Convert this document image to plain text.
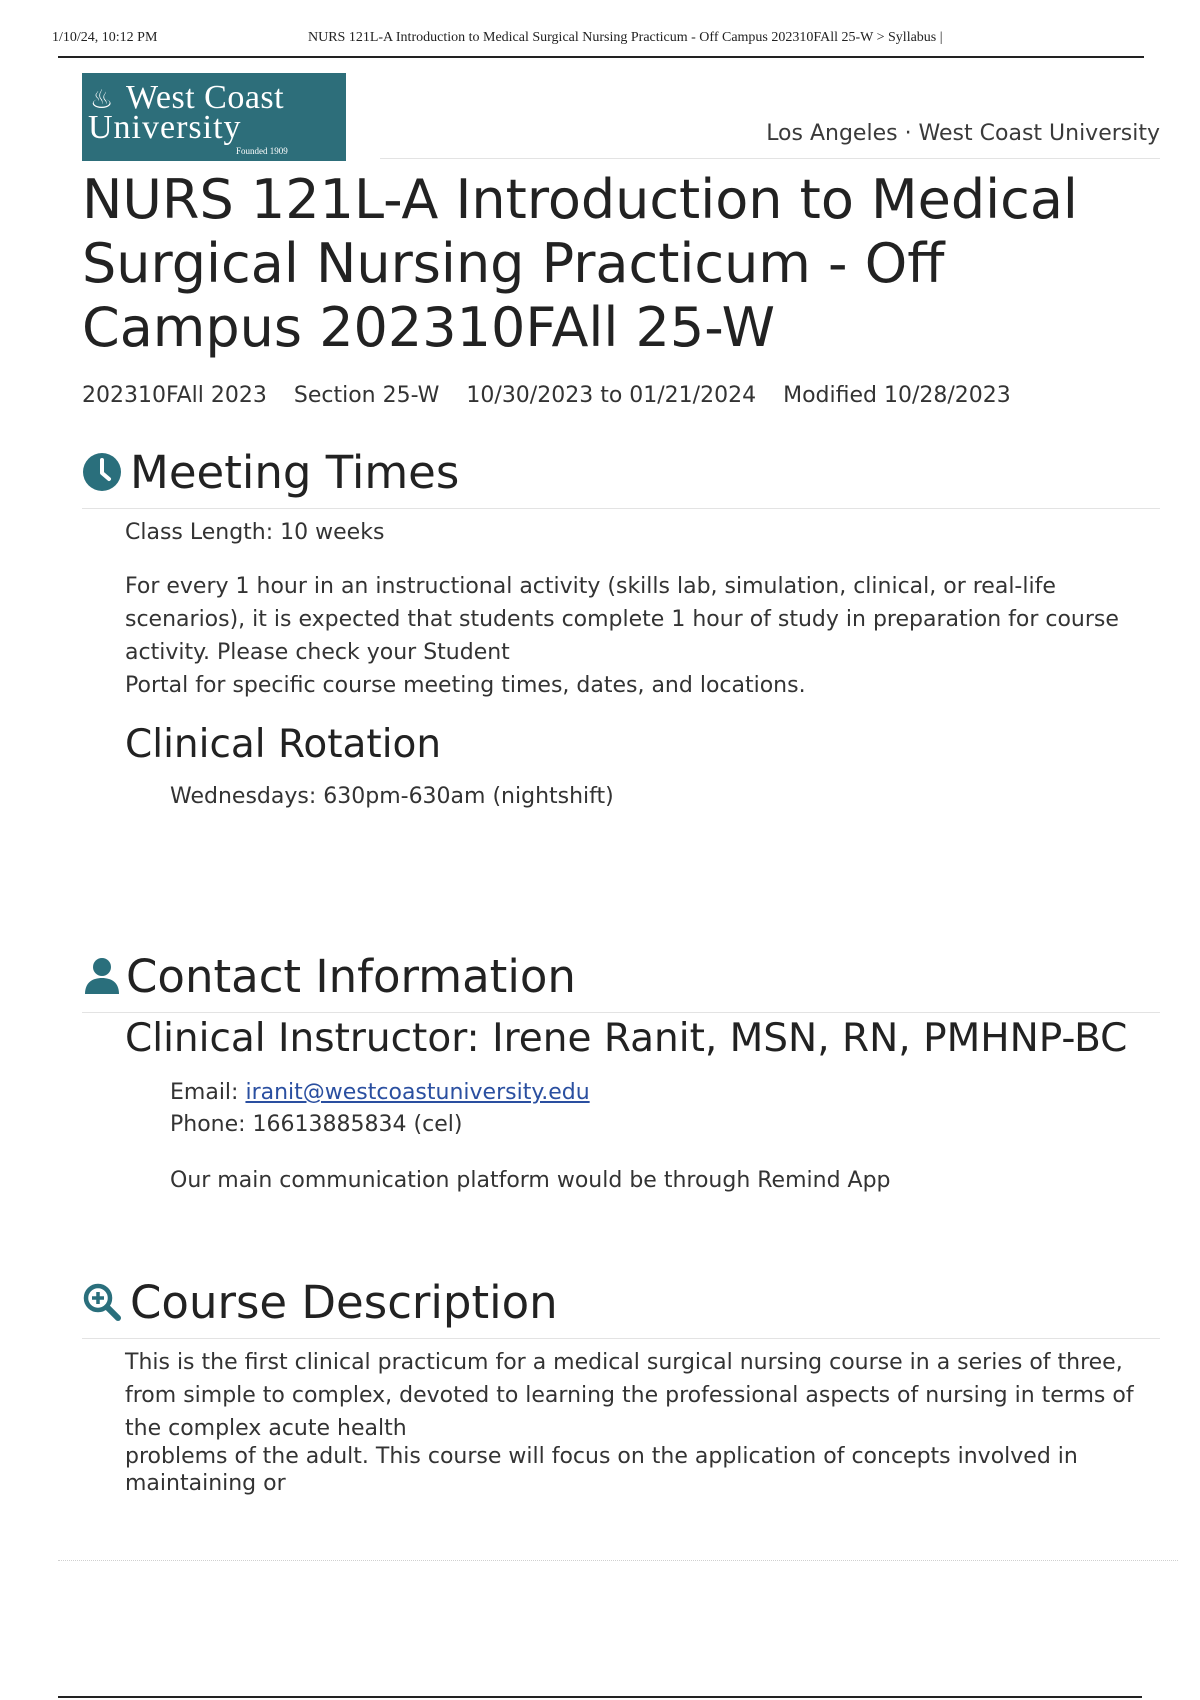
1/10/24, 10:12 PM	NURS 121L-A Introduction to Medical Surgical Nursing Practicum - Off Campus 202310FAll 25-W > Syllabus |
♨ West Coast
University
Founded 1909
Los Angeles · West Coast University
NURS 121L-A Introduction to Medical Surgical Nursing Practicum - Off Campus 202310FAll 25-W
202310FAll 2023 Section 25-W 10/30/2023 to 01/21/2024 Modified 10/28/2023
Meeting Times

Class Length: 10 weeks

For every 1 hour in an instructional activity (skills lab, simulation, clinical, or real-life scenarios), it is expected that students complete 1 hour of study in preparation for course activity. Please check your Student

Portal for specific course meeting times, dates, and locations.

Clinical Rotation

Wednesdays: 630pm-630am (nightshift)

Contact Information
Clinical Instructor: Irene Ranit, MSN, RN, PMHNP-BC

Email: iranit@westcoastuniversity.edu

Phone: 16613885834 (cel)

Our main communication platform would be through Remind App

Course Description

This is the first clinical practicum for a medical surgical nursing course in a series of three, from simple to complex, devoted to learning the professional aspects of nursing in terms of the complex acute health

problems of the adult. This course will focus on the application of concepts involved in maintaining or
